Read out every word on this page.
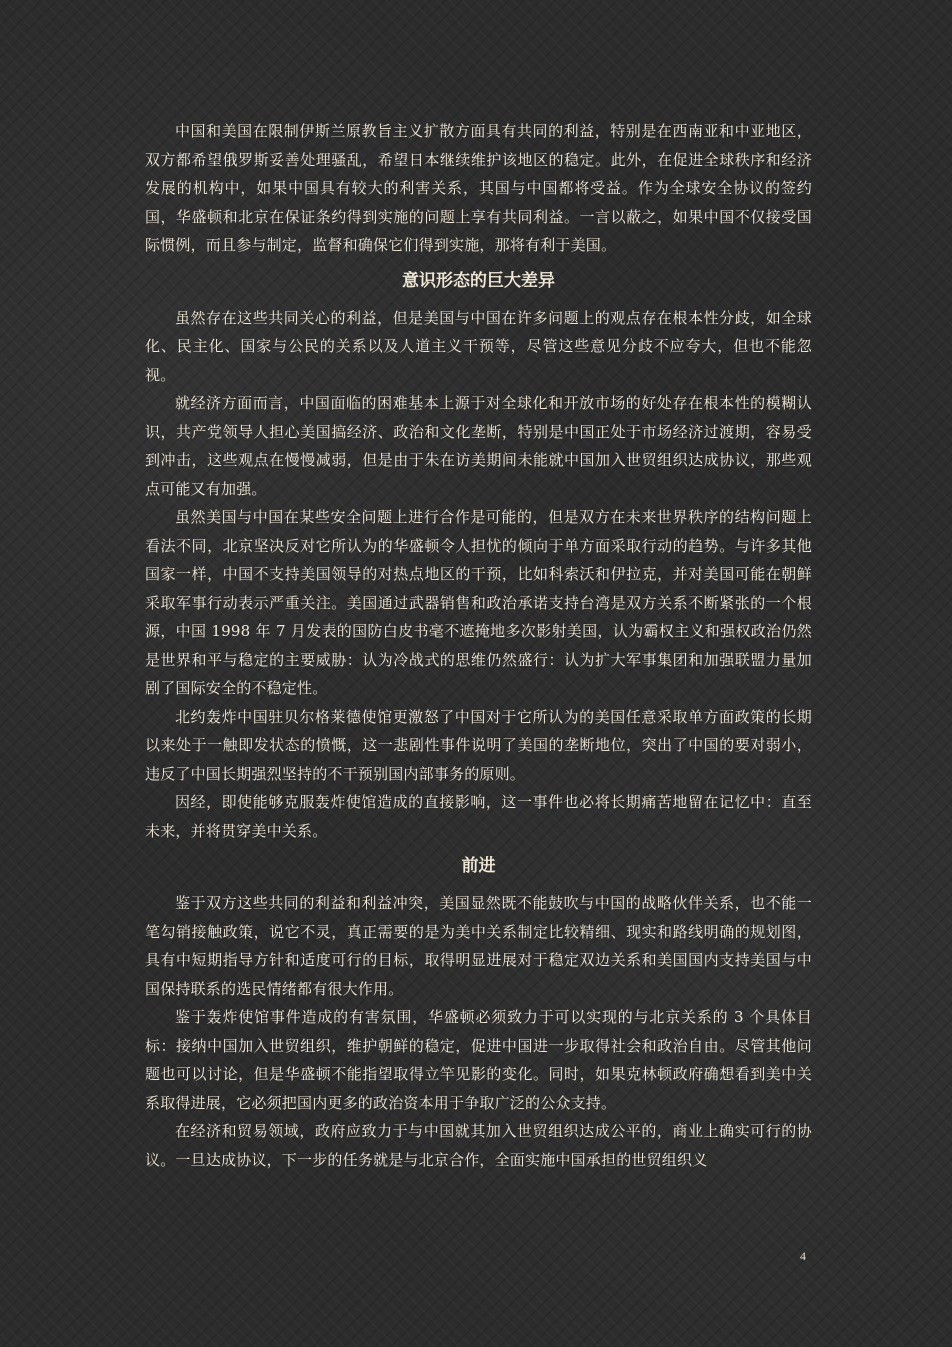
中国和美国在限制伊斯兰原教旨主义扩散方面具有共同的利益，特别是在西南亚和中亚地区，双方都希望俄罗斯妥善处理骚乱，希望日本继续维护该地区的稳定。此外，在促进全球秩序和经济发展的机构中，如果中国具有较大的利害关系，其国与中国都将受益。作为全球安全协议的签约国，华盛顿和北京在保证条约得到实施的问题上享有共同利益。一言以蔽之，如果中国不仅接受国际惯例，而且参与制定，监督和确保它们得到实施，那将有利于美国。

意识形态的巨大差异

虽然存在这些共同关心的利益，但是美国与中国在许多问题上的观点存在根本性分歧，如全球化、民主化、国家与公民的关系以及人道主义干预等，尽管这些意见分歧不应夸大，但也不能忽视。

就经济方面而言，中国面临的困难基本上源于对全球化和开放市场的好处存在根本性的模糊认识，共产党领导人担心美国搞经济、政治和文化垄断，特别是中国正处于市场经济过渡期，容易受到冲击，这些观点在慢慢减弱，但是由于朱在访美期间未能就中国加入世贸组织达成协议，那些观点可能又有加强。

虽然美国与中国在某些安全问题上进行合作是可能的，但是双方在未来世界秩序的结构问题上看法不同，北京坚决反对它所认为的华盛顿令人担忧的倾向于单方面采取行动的趋势。与许多其他国家一样，中国不支持美国领导的对热点地区的干预，比如科索沃和伊拉克，并对美国可能在朝鲜采取军事行动表示严重关注。美国通过武器销售和政治承诺支持台湾是双方关系不断紧张的一个根源，中国 1998 年 7 月发表的国防白皮书毫不遮掩地多次影射美国，认为霸权主义和强权政治仍然是世界和平与稳定的主要威胁：认为冷战式的思维仍然盛行：认为扩大军事集团和加强联盟力量加剧了国际安全的不稳定性。

北约轰炸中国驻贝尔格莱德使馆更激怒了中国对于它所认为的美国任意采取单方面政策的长期以来处于一触即发状态的愤慨，这一悲剧性事件说明了美国的垄断地位，突出了中国的要对弱小，违反了中国长期强烈坚持的不干预别国内部事务的原则。

因经，即使能够克服轰炸使馆造成的直接影响，这一事件也必将长期痛苦地留在记忆中：直至未来，并将贯穿美中关系。

前进

鉴于双方这些共同的利益和利益冲突，美国显然既不能鼓吹与中国的战略伙伴关系，也不能一笔勾销接触政策，说它不灵，真正需要的是为美中关系制定比较精细、现实和路线明确的规划图，具有中短期指导方针和适度可行的目标，取得明显进展对于稳定双边关系和美国国内支持美国与中国保持联系的选民情绪都有很大作用。

鉴于轰炸使馆事件造成的有害氛围，华盛顿必须致力于可以实现的与北京关系的 3 个具体目标：接纳中国加入世贸组织，维护朝鲜的稳定，促进中国进一步取得社会和政治自由。尽管其他问题也可以讨论，但是华盛顿不能指望取得立竿见影的变化。同时，如果克林顿政府确想看到美中关系取得进展，它必须把国内更多的政治资本用于争取广泛的公众支持。

在经济和贸易领域，政府应致力于与中国就其加入世贸组织达成公平的，商业上确实可行的协议。一旦达成协议，下一步的任务就是与北京合作，全面实施中国承担的世贸组织义

4
